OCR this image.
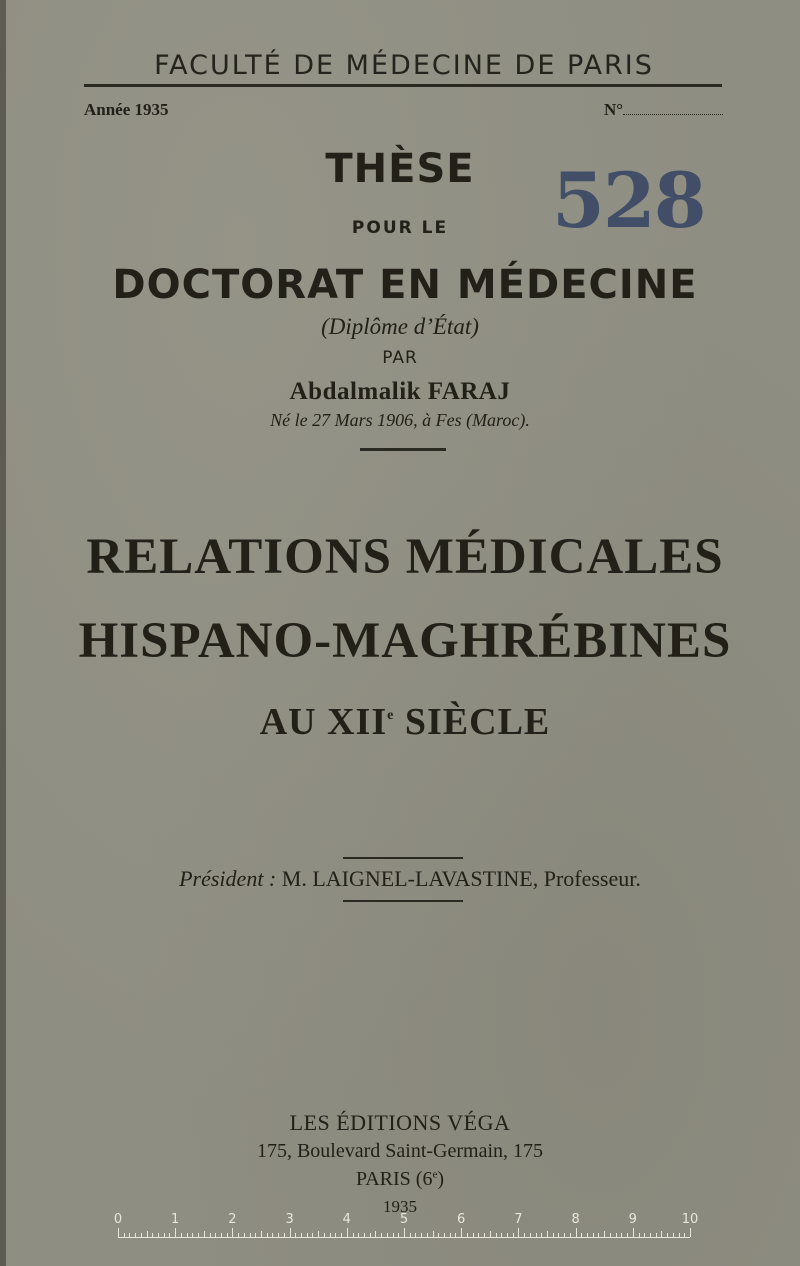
FACULTÉ DE MÉDECINE DE PARIS
Année 1935	N°
THÈSE	528
POUR LE
DOCTORAT EN MÉDECINE
(Diplôme d’État)
PAR
Abdalmalik FARAJ
Né le 27 Mars 1906, à Fes (Maroc).
RELATIONS MÉDICALES
HISPANO-MAGHRÉBINES
AU XIIe SIÈCLE
Président : M. LAIGNEL-LAVASTINE, Professeur.
LES ÉDITIONS VÉGA
175, Boulevard Saint-Germain, 175
PARIS (6e)
1935
0	1	2	3	4	5	6	7	8	9	10
